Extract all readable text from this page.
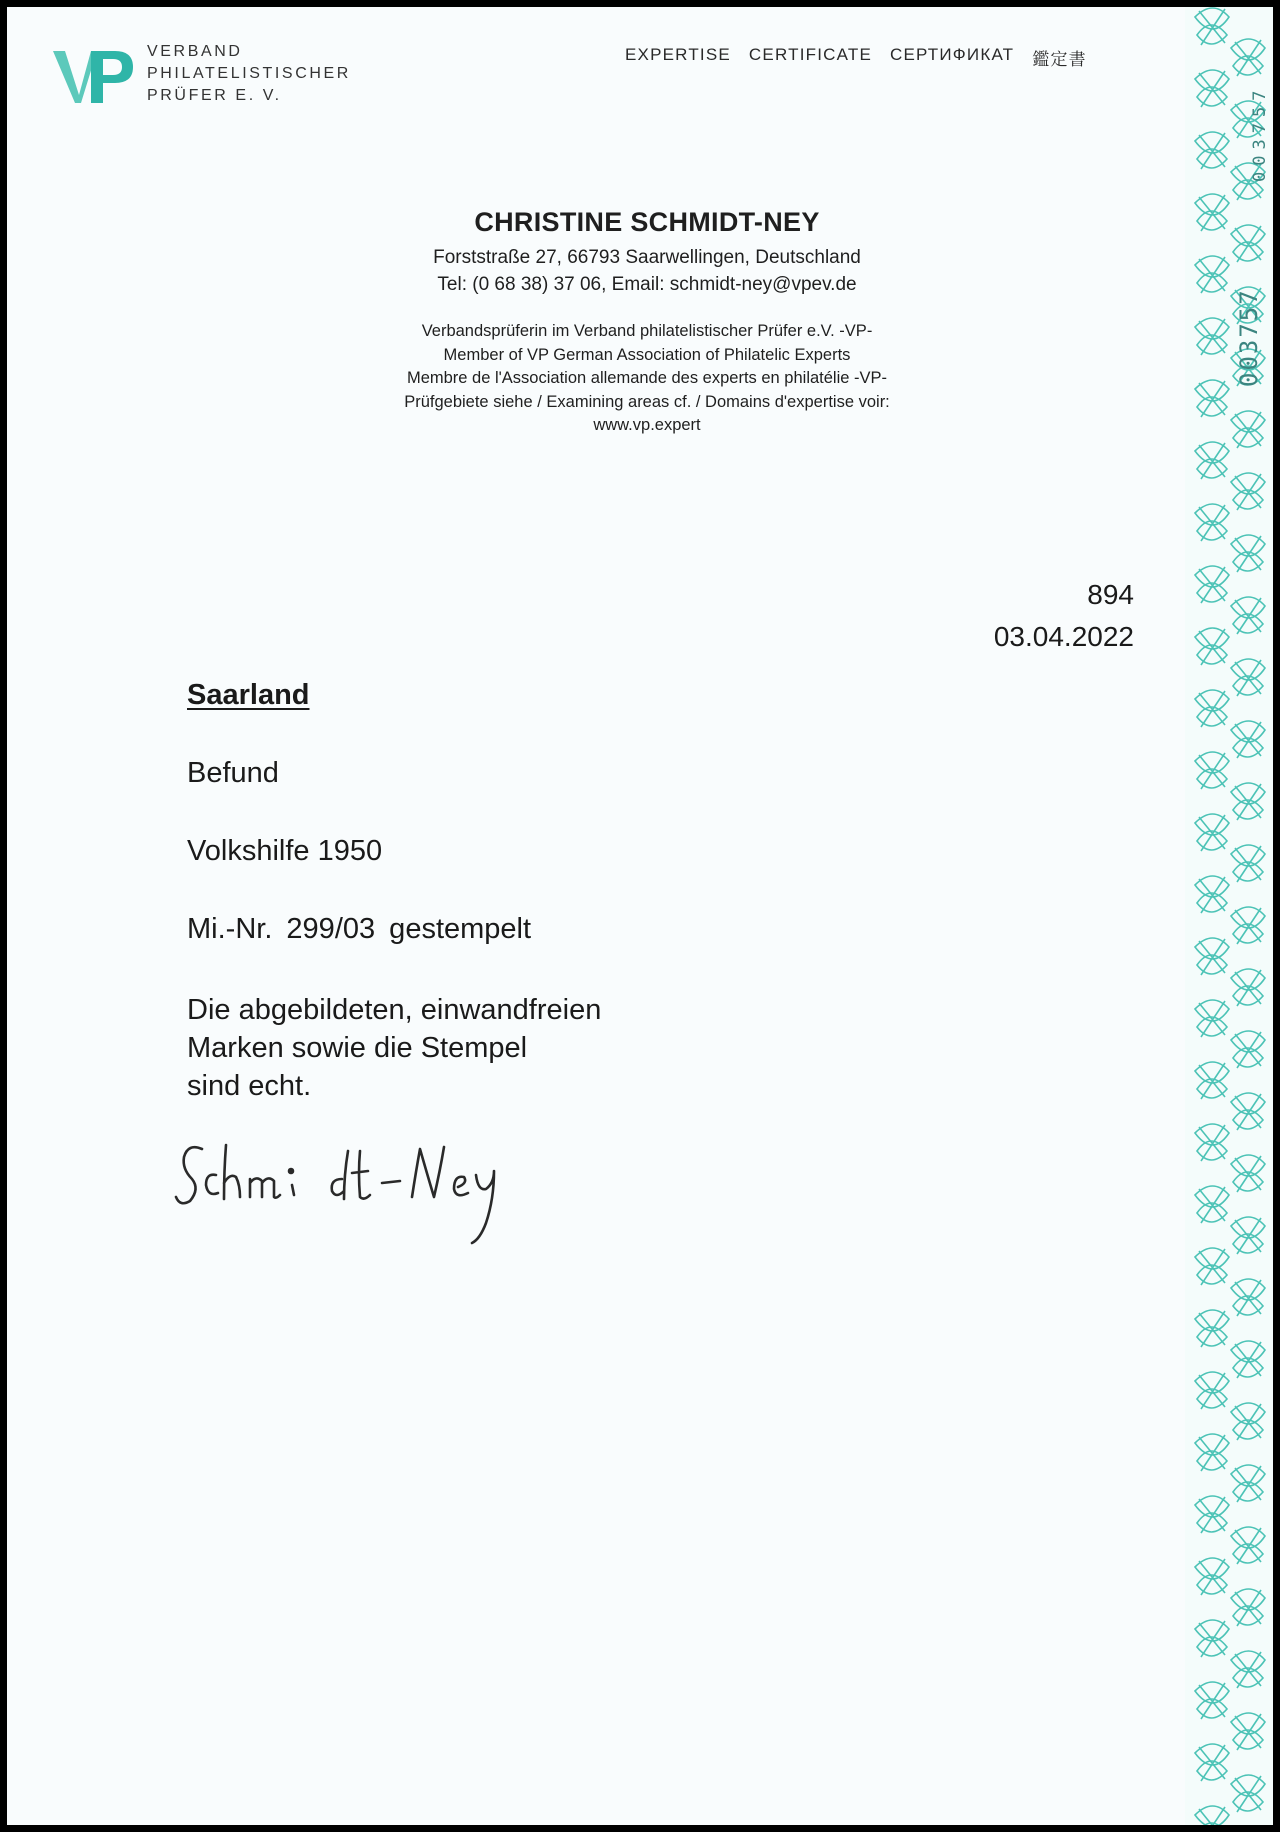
VERBAND
PHILATELISTISCHER
PRÜFER E. V.
EXPERTISE CERTIFICATE СЕРТИФИКАТ 鑑定書
CHRISTINE SCHMIDT-NEY
Forststraße 27, 66793 Saarwellingen, Deutschland
Tel: (0 68 38) 37 06, Email: schmidt-ney@vpev.de
Verbandsprüferin im Verband philatelistischer Prüfer e.V. -VP-
Member of VP German Association of Philatelic Experts
Membre de l'Association allemande des experts en philatélie -VP-
Prüfgebiete siehe / Examining areas cf. / Domains d'expertise voir:
www.vp.expert
894
03.04.2022
Saarland
Befund
Volkshilfe 1950
Mi.-Nr. 299/03 gestempelt
Die abgebildeten, einwandfreien
Marken sowie die Stempel
sind echt.
003757
003757
